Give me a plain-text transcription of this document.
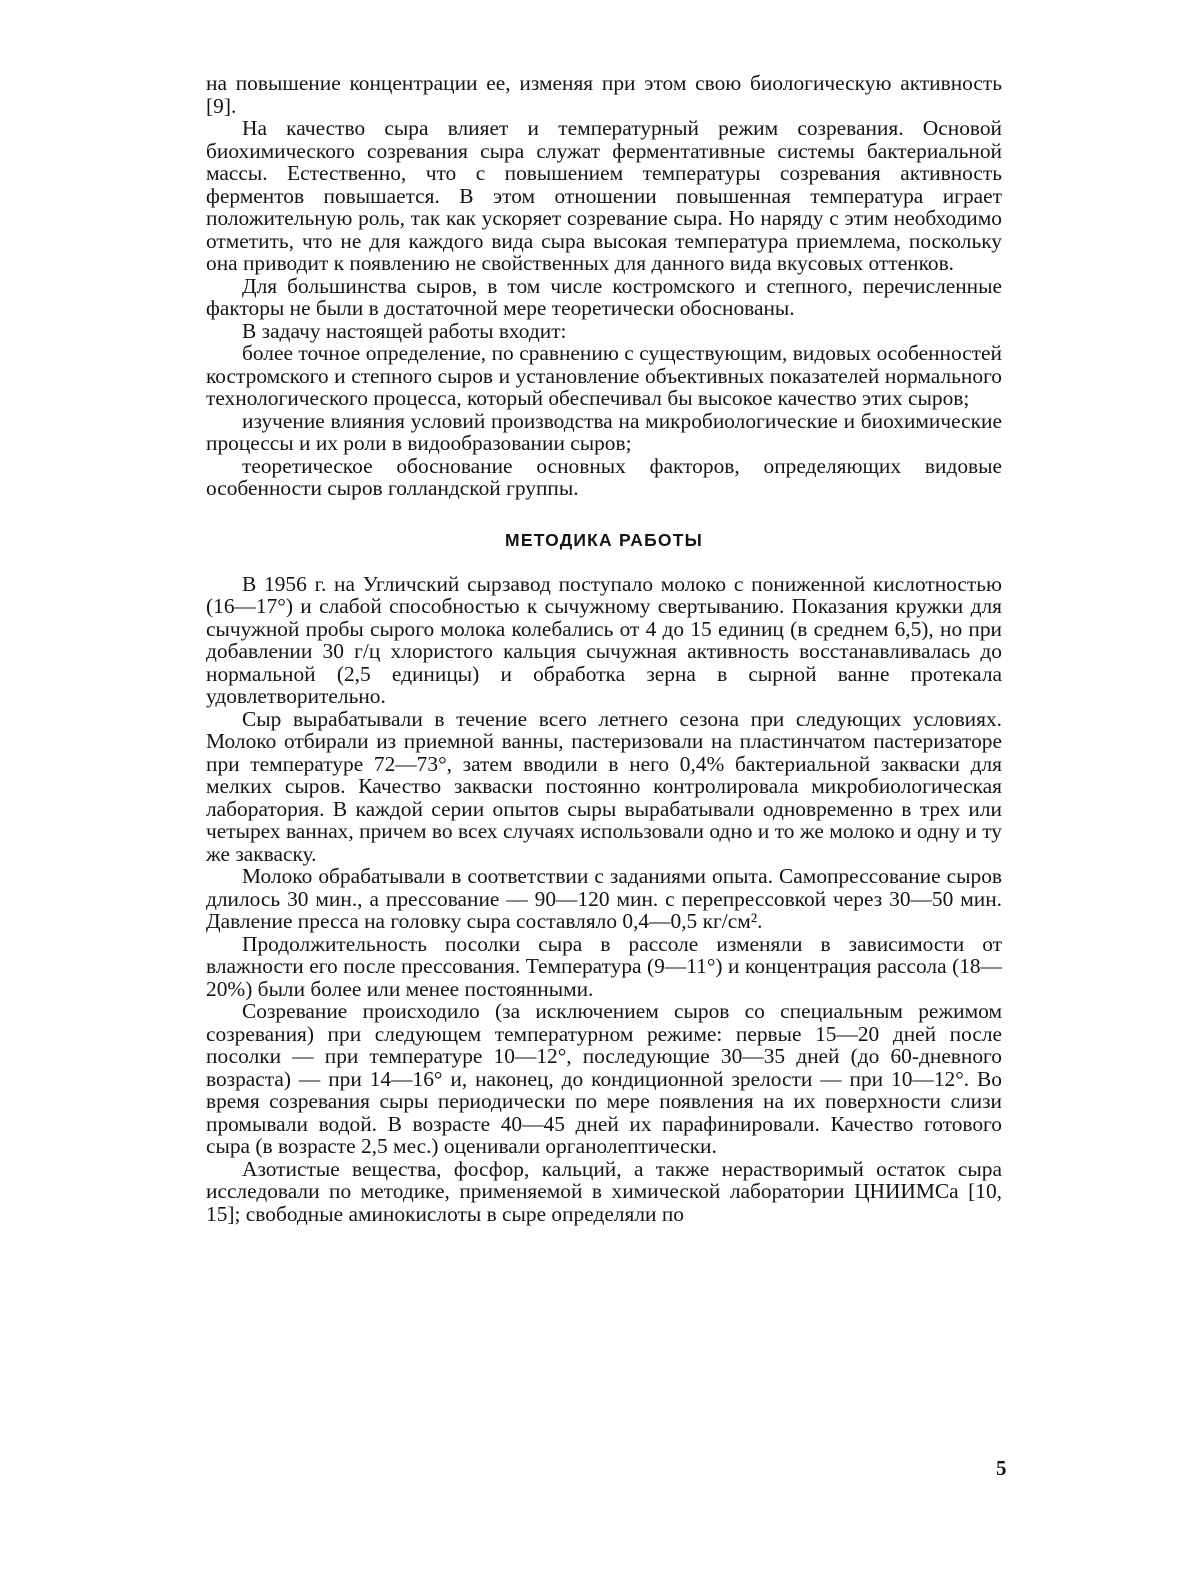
на повышение концентрации ее, изменяя при этом свою биологическую активность [9].

На качество сыра влияет и температурный режим созревания. Основой биохимического созревания сыра служат ферментативные системы бактериальной массы. Естественно, что с повышением температуры созревания активность ферментов повышается. В этом отношении повышенная температура играет положительную роль, так как ускоряет созревание сыра. Но наряду с этим необходимо отметить, что не для каждого вида сыра высокая температура приемлема, поскольку она приводит к появлению не свойственных для данного вида вкусовых оттенков.

Для большинства сыров, в том числе костромского и степного, перечисленные факторы не были в достаточной мере теоретически обоснованы.

В задачу настоящей работы входит:

более точное определение, по сравнению с существующим, видовых особенностей костромского и степного сыров и установление объективных показателей нормального технологического процесса, который обеспечивал бы высокое качество этих сыров;

изучение влияния условий производства на микробиологические и биохимические процессы и их роли в видообразовании сыров;

теоретическое обоснование основных факторов, определяющих видовые особенности сыров голландской группы.

МЕТОДИКА РАБОТЫ

В 1956 г. на Угличский сырзавод поступало молоко с пониженной кислотностью (16—17°) и слабой способностью к сычужному свертыванию. Показания кружки для сычужной пробы сырого молока колебались от 4 до 15 единиц (в среднем 6,5), но при добавлении 30 г/ц хлористого кальция сычужная активность восстанавливалась до нормальной (2,5 единицы) и обработка зерна в сырной ванне протекала удовлетворительно.

Сыр вырабатывали в течение всего летнего сезона при следующих условиях. Молоко отбирали из приемной ванны, пастеризовали на пластинчатом пастеризаторе при температуре 72—73°, затем вводили в него 0,4% бактериальной закваски для мелких сыров. Качество закваски постоянно контролировала микробиологическая лаборатория. В каждой серии опытов сыры вырабатывали одновременно в трех или четырех ваннах, причем во всех случаях использовали одно и то же молоко и одну и ту же закваску.

Молоко обрабатывали в соответствии с заданиями опыта. Самопрессование сыров длилось 30 мин., а прессование — 90—120 мин. с перепрессовкой через 30—50 мин. Давление пресса на головку сыра составляло 0,4—0,5 кг/см².

Продолжительность посолки сыра в рассоле изменяли в зависимости от влажности его после прессования. Температура (9—11°) и концентрация рассола (18—20%) были более или менее постоянными.

Созревание происходило (за исключением сыров со специальным режимом созревания) при следующем температурном режиме: первые 15—20 дней после посолки — при температуре 10—12°, последующие 30—35 дней (до 60-дневного возраста) — при 14—16° и, наконец, до кондиционной зрелости — при 10—12°. Во время созревания сыры периодически по мере появления на их поверхности слизи промывали водой. В возрасте 40—45 дней их парафинировали. Качество готового сыра (в возрасте 2,5 мес.) оценивали органолептически.

Азотистые вещества, фосфор, кальций, а также нерастворимый остаток сыра исследовали по методике, применяемой в химической лаборатории ЦНИИМСа [10, 15]; свободные аминокислоты в сыре определяли по

5
